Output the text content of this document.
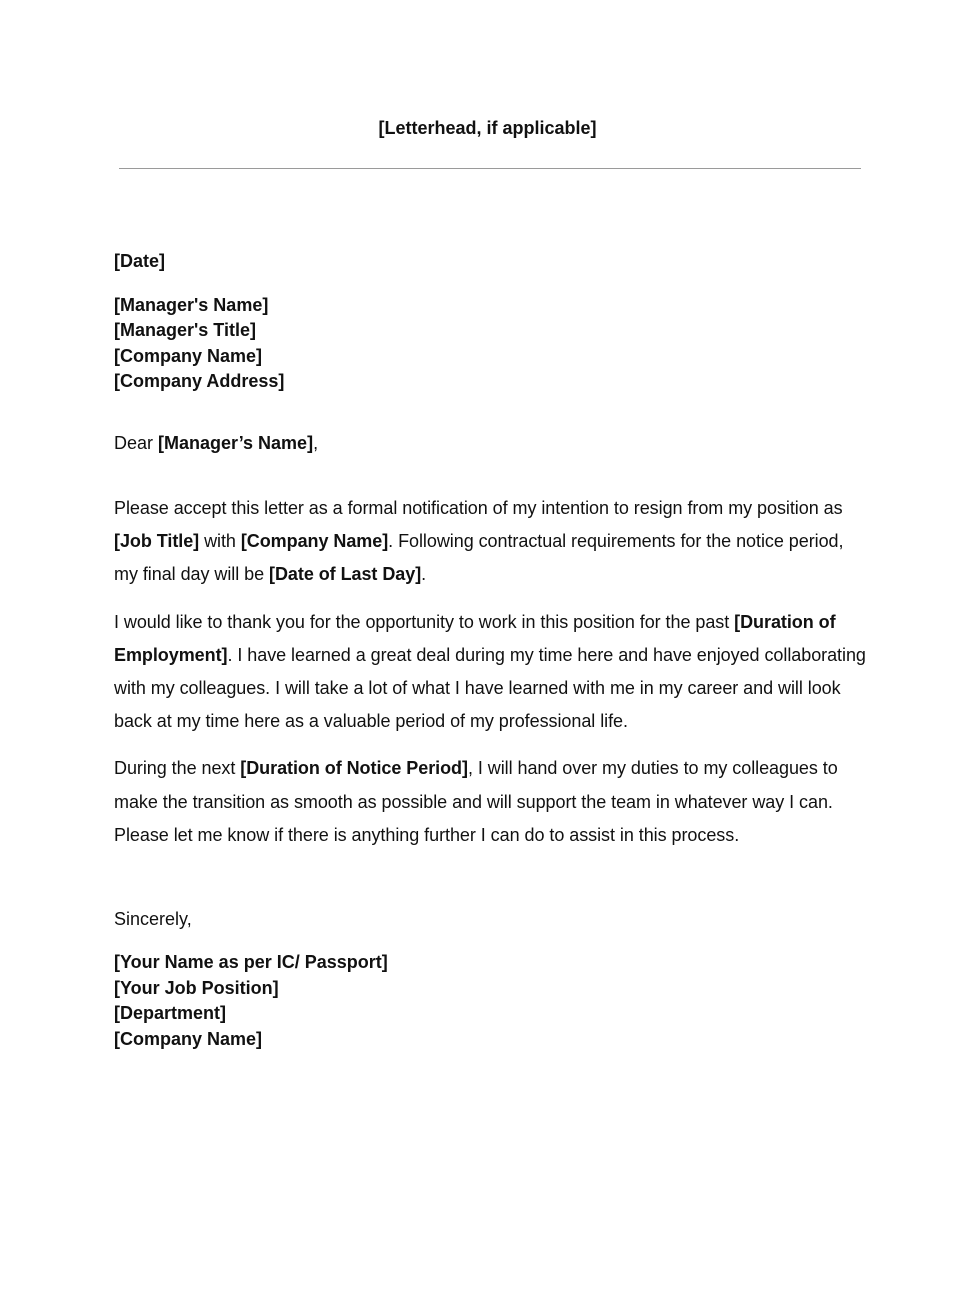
[Letterhead, if applicable]
[Date]
[Manager's Name]
[Manager's Title]
[Company Name]
[Company Address]
Dear [Manager’s Name],

Please accept this letter as a formal notification of my intention to resign from my position as [Job Title] with [Company Name]. Following contractual requirements for the notice period, my final day will be [Date of Last Day].

I would like to thank you for the opportunity to work in this position for the past [Duration of Employment]. I have learned a great deal during my time here and have enjoyed collaborating with my colleagues. I will take a lot of what I have learned with me in my career and will look back at my time here as a valuable period of my professional life.

During the next [Duration of Notice Period], I will hand over my duties to my colleagues to make the transition as smooth as possible and will support the team in whatever way I can. Please let me know if there is anything further I can do to assist in this process.

Sincerely,
[Your Name as per IC/ Passport]
[Your Job Position]
[Department]
[Company Name]
